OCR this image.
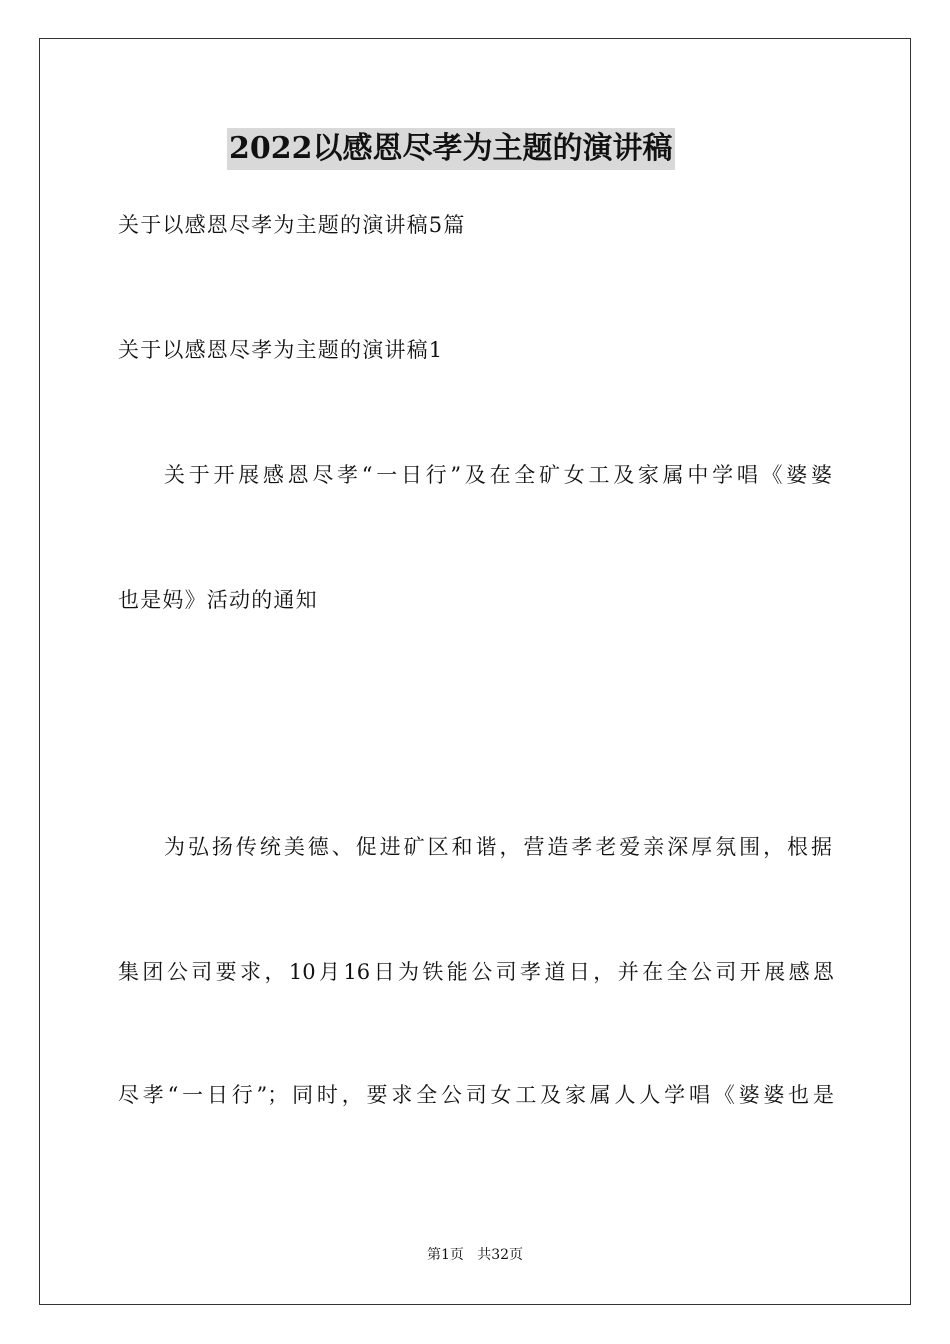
2022以感恩尽孝为主题的演讲稿
关于以感恩尽孝为主题的演讲稿5篇
关于以感恩尽孝为主题的演讲稿1
关于开展感恩尽孝“一日行”及在全矿女工及家属中学唱《婆婆
也是妈》活动的通知
为弘扬传统美德、促进矿区和谐，营造孝老爱亲深厚氛围，根据
集团公司要求，10月16日为铁能公司孝道日，并在全公司开展感恩
尽孝“一日行”；同时，要求全公司女工及家属人人学唱《婆婆也是
第1页   共32页
